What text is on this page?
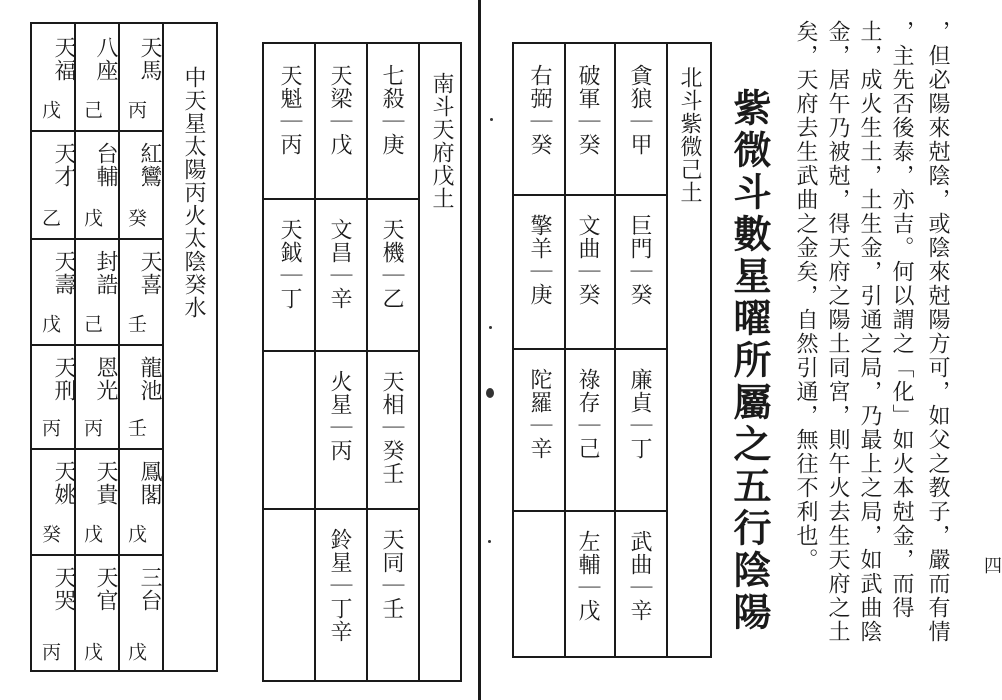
中天星太陽丙火太陰癸水
天福
戊
天才
乙
天壽
戊
天刑
丙
天姚
癸
天哭
丙
八座
己
台輔
戊
封誥
己
恩光
丙
天貴
戊
天官
戊
天馬
丙
紅鸞
癸
天喜
壬
龍池
壬
鳳閣
戊
三台
戊
南斗天府戊土
天魁｜丙
天鉞｜丁
天梁｜戊
文昌｜辛
火星｜丙
鈴星｜丁辛
七殺｜庚
天機｜乙
天相｜癸壬
天同｜壬
北斗紫微己土
右弼｜癸
擎羊｜庚
陀羅｜辛
破軍｜癸
文曲｜癸
祿存｜己
左輔｜戊
貪狼｜甲
巨門｜癸
廉貞｜丁
武曲｜辛 紫微斗數星曜所屬之五行陰陽	，但必陽來尅陰，或陰來尅陽方可，如父之教子，嚴而有情
，主先否後泰，亦吉。何以謂之「化」如火本尅金，而得
土，成火生土，土生金，引通之局，乃最上之局，如武曲陰
金，居午乃被尅，得天府之陽土同宮，則午火去生天府之土
矣，天府去生武曲之金矣，自然引通，無往不利也。	四
